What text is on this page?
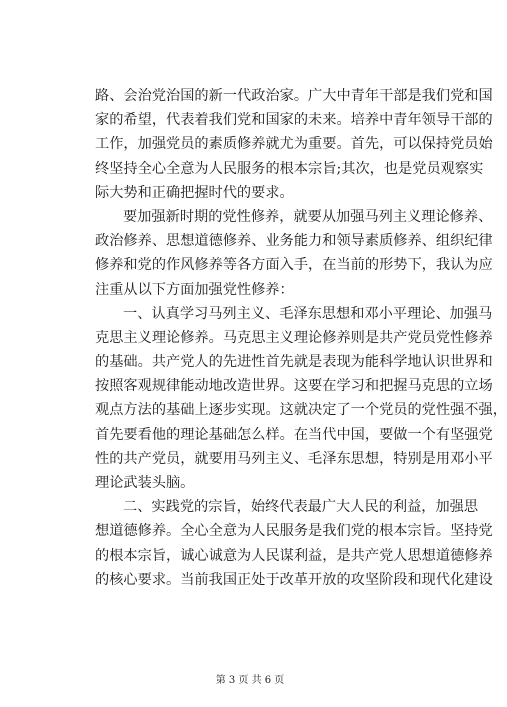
路 、 会 治 党 治 国 的 新 一 代 政 治 家 。 广 大 中 青 年 干 部 是 我 们 党 和 国
家 的 希 望 ， 代 表 着 我 们 党 和 国 家 的 未 来 。 培 养 中 青 年 领 导 干 部 的
工 作 ， 加 强 党 员 的 素 质 修 养 就 尤 为 重 要 。 首 先 ， 可 以 保 持 党 员 始
终 坚 持 全 心 全 意 为 人 民 服 务 的 根 本 宗 旨 ; 其 次 ， 也 是 党 员 观 察 实
际大势和正确把握时代的要求。
要 加 强 新 时 期 的 党 性 修 养 ， 就 要 从 加 强 马 列 主 义 理 论 修 养 、
政 治 修 养 、 思 想 道 德 修 养 、 业 务 能 力 和 领 导 素 质 修 养 、 组 织 纪 律
修 养 和 党 的 作 风 修 养 等 各 方 面 入 手 ， 在 当 前 的 形 势 下 ， 我 认 为 应
注重从以下方面加强党性修养：
一 、 认 真 学 习 马 列 主 义 、 毛 泽 东 思 想 和 邓 小 平 理 论 、 加 强 马
克 思 主 义 理 论 修 养 。 马 克 思 主 义 理 论 修 养 则 是 共 产 党 员 党 性 修 养
的 基 础 。 共 产 党 人 的 先 进 性 首 先 就 是 表 现 为 能 科 学 地 认 识 世 界 和
按 照 客 观 规 律 能 动 地 改 造 世 界 。 这 要 在 学 习 和 把 握 马 克 思 的 立 场
观 点 方 法 的 基 础 上 逐 步 实 现 。 这 就 决 定 了 一 个 党 员 的 党 性 强 不 强 ，
首 先 要 看 他 的 理 论 基 础 怎 么 样 。 在 当 代 中 国 ， 要 做 一 个 有 坚 强 党
性 的 共 产 党 员 ， 就 要 用 马 列 主 义 、 毛 泽 东 思 想 ， 特 别 是 用 邓 小 平
理论武装头脑。
二 、 实 践 党 的 宗 旨 ， 始 终 代 表 最 广 大 人 民 的 利 益 ， 加 强 思
想 道 德 修 养 。 全 心 全 意 为 人 民 服 务 是 我 们 党 的 根 本 宗 旨 。 坚 持 党
的 根 本 宗 旨 ， 诚 心 诚 意 为 人 民 谋 利 益 ， 是 共 产 党 人 思 想 道 德 修 养
的 核 心 要 求 。 当 前 我 国 正 处 于 改 革 开 放 的 攻 坚 阶 段 和 现 代 化 建 设
第 3 页 共 6 页
